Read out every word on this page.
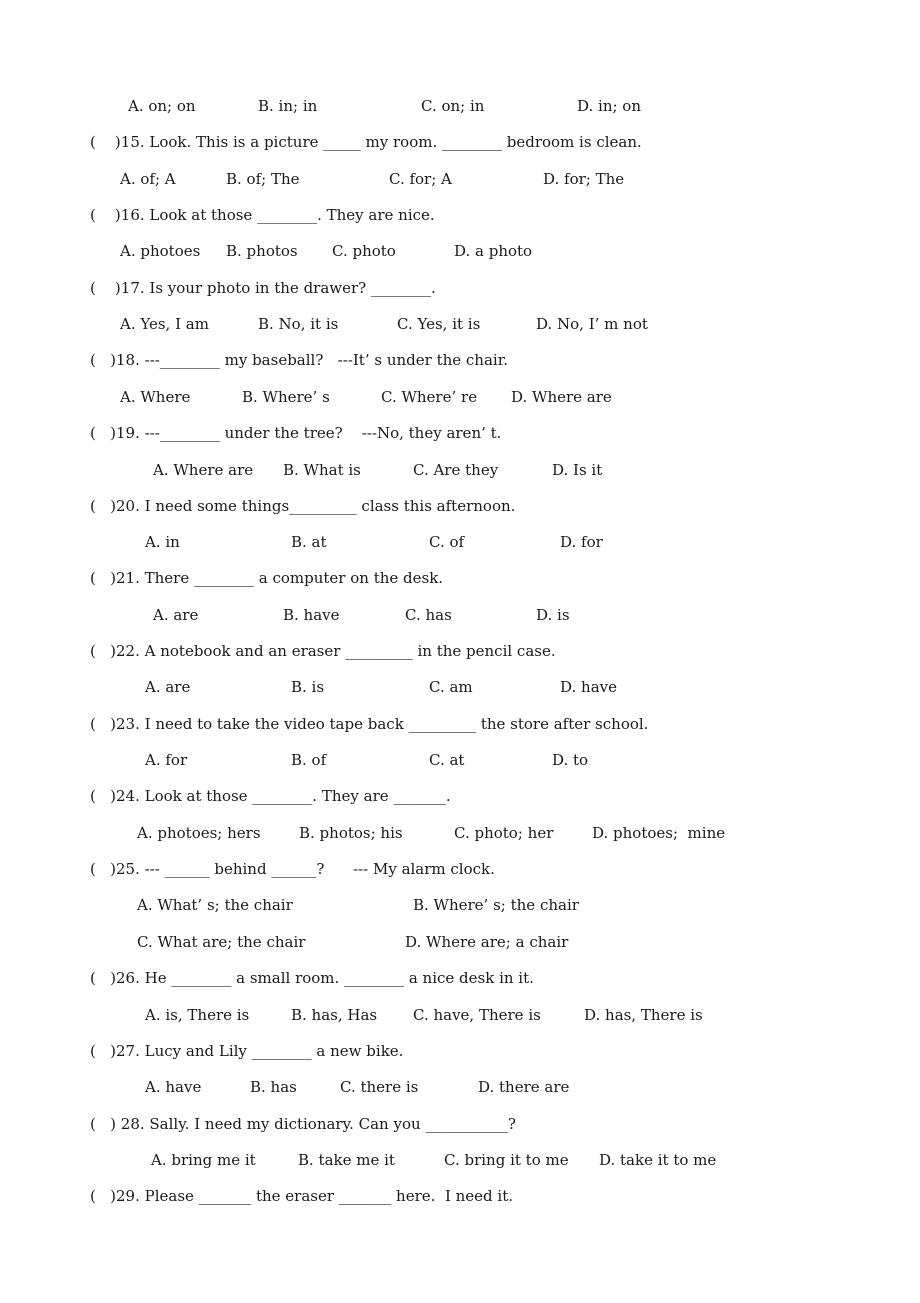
A. on; on

	B. in; in

	C. on; in

	D. in; on

(    )15. Look. This is a picture _____ my room. ________ bedroom is clean.

A. of; A

	B. of; The

	C. for; A

	D. for; The

(    )16. Look at those ________. They are nice.

A. photoes

B. photos

C. photo

	D. a photo

(    )17. Is your photo in the drawer? ________.

A. Yes, I am

	B. No, it is

	C. Yes, it is

	D. No, I’ m not

(   )18. ---________ my baseball?   ---It’ s under the chair.

A. Where

	B. Where’ s

	C. Where’ re

D. Where are

(   )19. ---________ under the tree?    ---No, they aren’ t.

A. Where are

B. What is

	C. Are they

	D. Is it

(   )20. I need some things_________ class this afternoon.

A. in

	B. at

	C. of

	D. for

(   )21. There ________ a computer on the desk.

A. are

	B. have

	C. has

	D. is

(   )22. A notebook and an eraser _________ in the pencil case.

A. are

	B. is

	C. am

	D. have

(   )23. I need to take the video tape back _________ the store after school.

A. for

	B. of

	C. at

	D. to

(   )24. Look at those ________. They are _______.

A. photoes; hers

	B. photos; his

	C. photo; her

	D. photoes;  mine

(   )25. --- ______ behind ______?      --- My alarm clock.

A. What’ s; the chair

	B. Where’ s; the chair

C. What are; the chair

	D. Where are; a chair

(   )26. He ________ a small room. ________ a nice desk in it.

A. is, There is

	B. has, Has

C. have, There is

	D. has, There is

(   )27. Lucy and Lily ________ a new bike.

A. have

	B. has

	C. there is

	D. there are

(   ) 28. Sally. I need my dictionary. Can you ___________?

A. bring me it

	B. take me it

	C. bring it to me

D. take it to me

(   )29. Please _______ the eraser _______ here.  I need it.
